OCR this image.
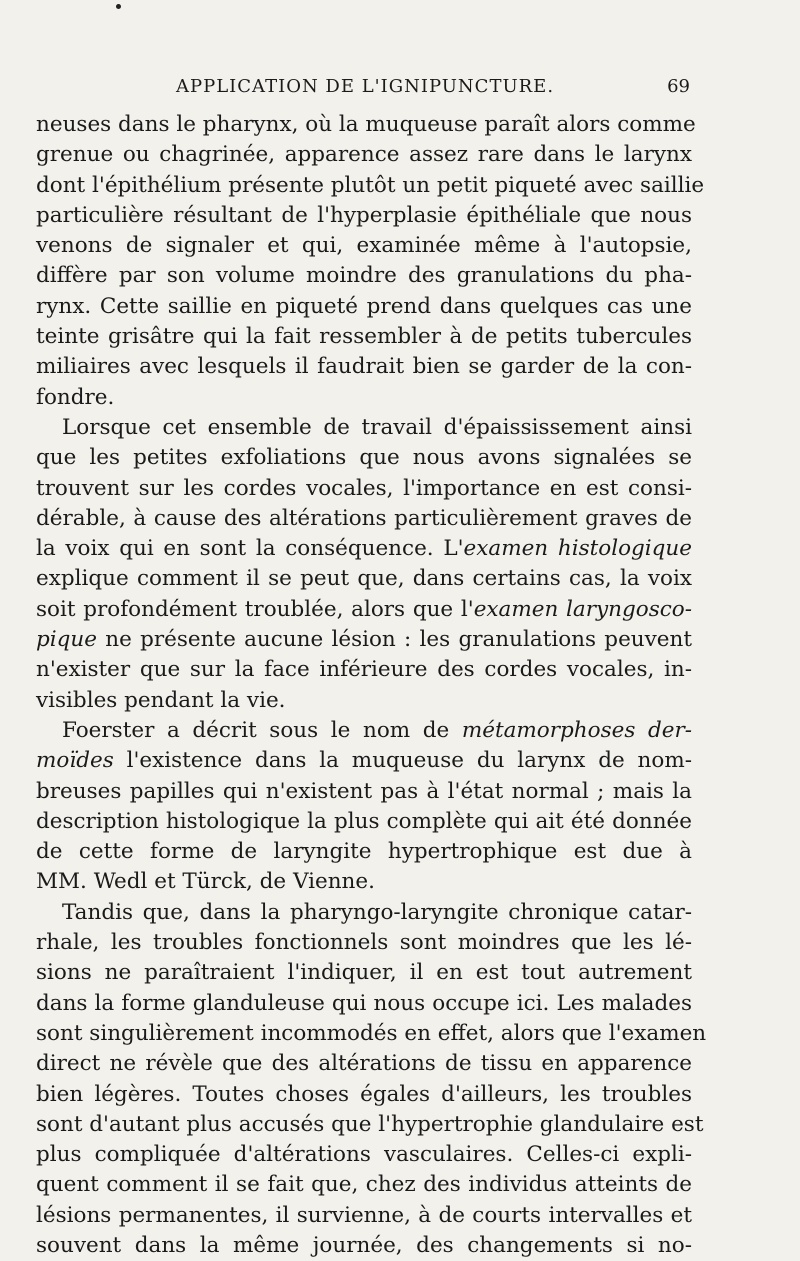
APPLICATION DE L'IGNIPUNCTURE.	69
neuses dans le pharynx, où la muqueuse paraît alors comme
grenue ou chagrinée, apparence assez rare dans le larynx
dont l'épithélium présente plutôt un petit piqueté avec saillie
particulière résultant de l'hyperplasie épithéliale que nous
venons de signaler et qui, examinée même à l'autopsie,
diffère par son volume moindre des granulations du pha-
rynx. Cette saillie en piqueté prend dans quelques cas une
teinte grisâtre qui la fait ressembler à de petits tubercules
miliaires avec lesquels il faudrait bien se garder de la con-
fondre.
Lorsque cet ensemble de travail d'épaississement ainsi
que les petites exfoliations que nous avons signalées se
trouvent sur les cordes vocales, l'importance en est consi-
dérable, à cause des altérations particulièrement graves de
la voix qui en sont la conséquence. L'examen histologique
explique comment il se peut que, dans certains cas, la voix
soit profondément troublée, alors que l'examen laryngosco-
pique ne présente aucune lésion : les granulations peuvent
n'exister que sur la face inférieure des cordes vocales, in-
visibles pendant la vie.
Foerster a décrit sous le nom de métamorphoses der-
moïdes l'existence dans la muqueuse du larynx de nom-
breuses papilles qui n'existent pas à l'état normal ; mais la
description histologique la plus complète qui ait été donnée
de cette forme de laryngite hypertrophique est due à
MM. Wedl et Türck, de Vienne.
Tandis que, dans la pharyngo-laryngite chronique catar-
rhale, les troubles fonctionnels sont moindres que les lé-
sions ne paraîtraient l'indiquer, il en est tout autrement
dans la forme glanduleuse qui nous occupe ici. Les malades
sont singulièrement incommodés en effet, alors que l'examen
direct ne révèle que des altérations de tissu en apparence
bien légères. Toutes choses égales d'ailleurs, les troubles
sont d'autant plus accusés que l'hypertrophie glandulaire est
plus compliquée d'altérations vasculaires. Celles-ci expli-
quent comment il se fait que, chez des individus atteints de
lésions permanentes, il survienne, à de courts intervalles et
souvent dans la même journée, des changements si no-
